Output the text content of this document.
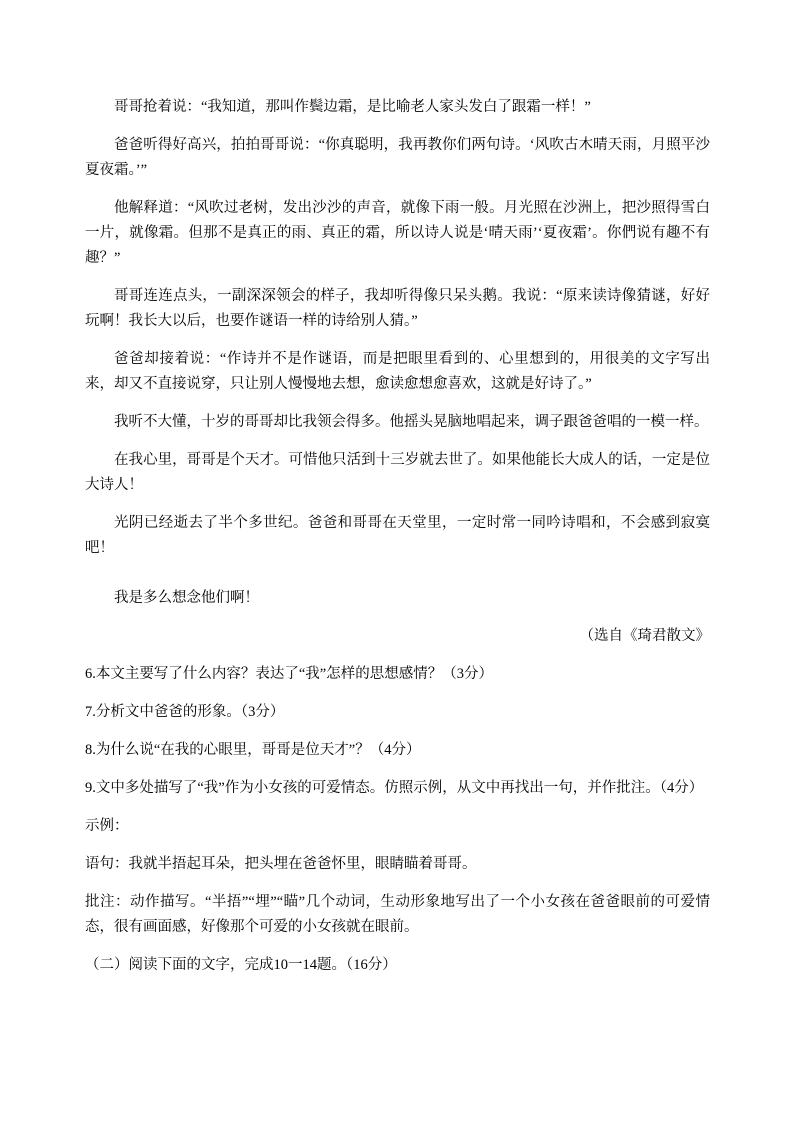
哥哥抢着说：“我知道，那叫作鬓边霜，是比喻老人家头发白了跟霜一样！”

爸爸听得好高兴，拍拍哥哥说：“你真聪明，我再教你们两句诗。‘风吹古木晴天雨，月照平沙夏夜霜。’”

他解释道：“风吹过老树，发出沙沙的声音，就像下雨一般。月光照在沙洲上，把沙照得雪白一片，就像霜。但那不是真正的雨、真正的霜，所以诗人说是‘晴天雨’‘夏夜霜’。你們说有趣不有趣？”

哥哥连连点头，一副深深领会的样子，我却听得像只呆头鹅。我说：“原来读诗像猜谜，好好玩啊！我长大以后，也要作谜语一样的诗给别人猜。”

爸爸却接着说：“作诗并不是作谜语，而是把眼里看到的、心里想到的，用很美的文字写出来，却又不直接说穿，只让别人慢慢地去想，愈读愈想愈喜欢，这就是好诗了。”

我听不大懂，十岁的哥哥却比我领会得多。他摇头晃脑地唱起来，调子跟爸爸唱的一模一样。

在我心里，哥哥是个天才。可惜他只活到十三岁就去世了。如果他能长大成人的话，一定是位大诗人！

光阴已经逝去了半个多世纪。爸爸和哥哥在天堂里，一定时常一同吟诗唱和，不会感到寂寞吧！

我是多么想念他们啊！

（选自《琦君散文》

6.本文主要写了什么内容？表达了“我”怎样的思想感情？（3分）

7.分析文中爸爸的形象。（3分）

8.为什么说“在我的心眼里，哥哥是位天才”？（4分）

9.文中多处描写了“我”作为小女孩的可爱情态。仿照示例，从文中再找出一句，并作批注。（4分）

示例：

语句：我就半捂起耳朵，把头埋在爸爸怀里，眼睛瞄着哥哥。

批注：动作描写。“半捂”“埋”“瞄”几个动词，生动形象地写出了一个小女孩在爸爸眼前的可爱情态，很有画面感，好像那个可爱的小女孩就在眼前。

（二）阅读下面的文字，完成10一14题。（16分）
